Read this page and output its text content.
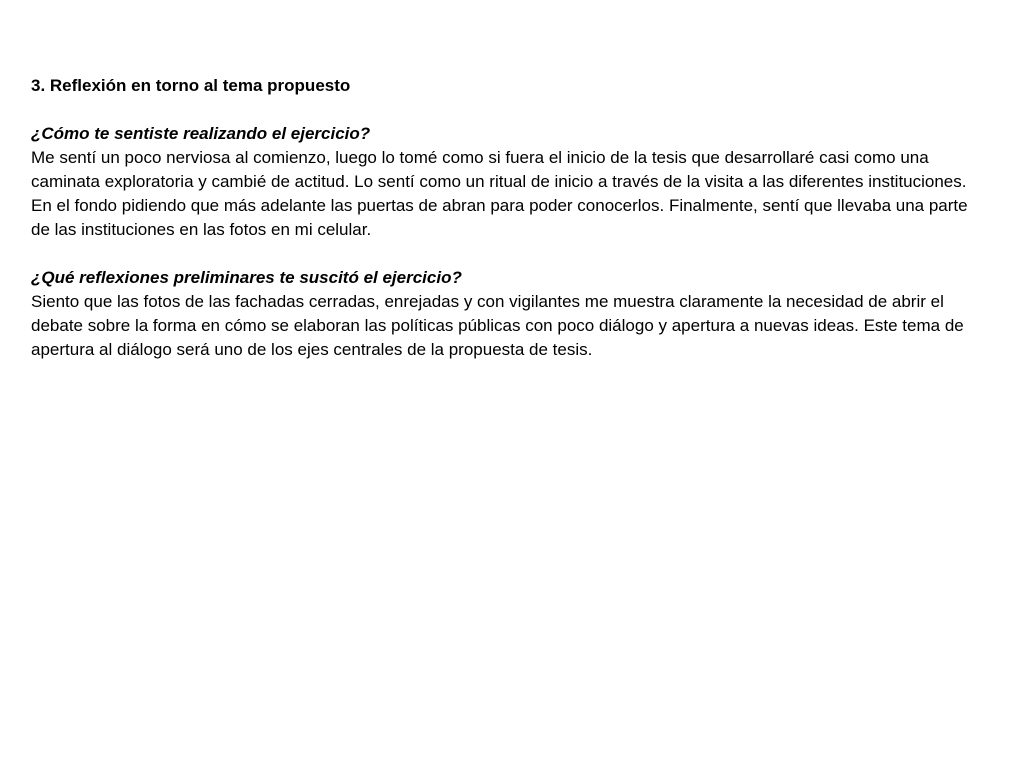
3. Reflexión en torno al tema propuesto

¿Cómo te sentiste realizando el ejercicio?

Me sentí un poco nerviosa al comienzo, luego lo tomé como si fuera el inicio de la tesis que desarrollaré casi como una caminata exploratoria y cambié de actitud. Lo sentí como un ritual de inicio a través de la visita a las diferentes instituciones. En el fondo pidiendo que más adelante las puertas de abran para poder conocerlos. Finalmente, sentí que llevaba una parte de las instituciones en las fotos en mi celular.

¿Qué reflexiones preliminares te suscitó el ejercicio?

Siento que las fotos de las fachadas cerradas, enrejadas y con vigilantes me muestra claramente la necesidad de abrir el debate sobre la forma en cómo se elaboran las políticas públicas con poco diálogo y apertura a nuevas ideas. Este tema de apertura al diálogo será uno de los ejes centrales de la propuesta de tesis.
